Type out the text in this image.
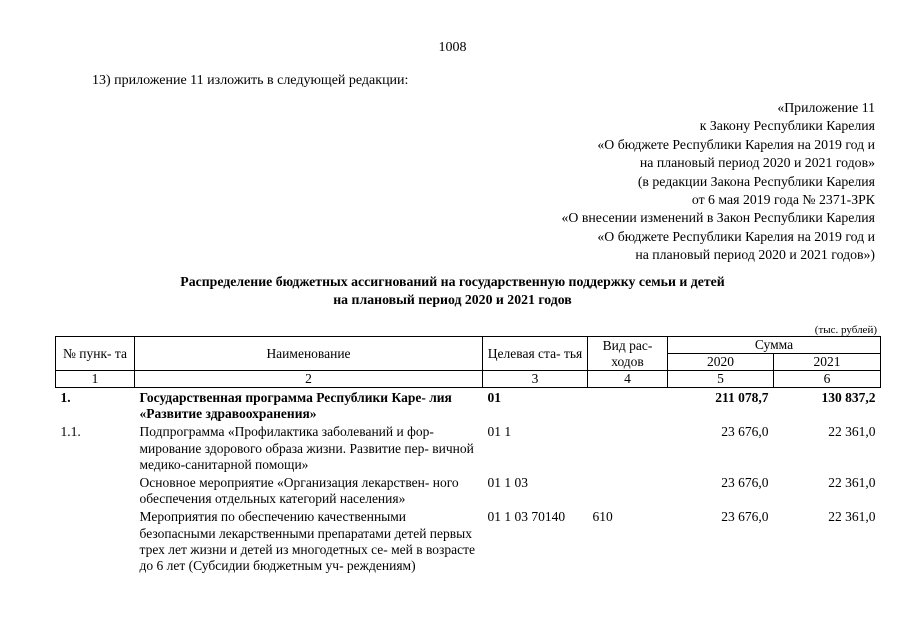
1008
13) приложение 11 изложить в следующей редакции:
«Приложение 11
к Закону Республики Карелия
«О бюджете Республики Карелия на 2019 год и
на плановый период 2020 и 2021 годов»
(в редакции Закона Республики Карелия
от 6 мая 2019 года № 2371-ЗРК
«О внесении изменений в Закон Республики Карелия
«О бюджете Республики Карелия на 2019 год и
на плановый период 2020 и 2021 годов»)
Распределение бюджетных ассигнований на государственную поддержку семьи и детей
на плановый период 2020 и 2021 годов
(тыс. рублей)
№ пунк- та	Наименование	Целевая ста- тья	Вид рас- ходов	Сумма	
				2020	2021
1	2	3	4	5	6
1.	Государственная программа Республики Каре- лия «Развитие здравоохранения»	01		211 078,7	130 837,2
1.1.	Подпрограмма «Профилактика заболеваний и фор- мирование здорового образа жизни. Развитие пер- вичной медико-санитарной помощи»	01 1		23 676,0	22 361,0
	Основное мероприятие «Организация лекарствен- ного обеспечения отдельных категорий населения»	01 1 03		23 676,0	22 361,0
	Мероприятия по обеспечению качественными безопасными лекарственными препаратами детей первых трех лет жизни и детей из многодетных се- мей в возрасте до 6 лет (Субсидии бюджетным уч- реждениям)	01 1 03 70140	610	23 676,0	22 361,0
